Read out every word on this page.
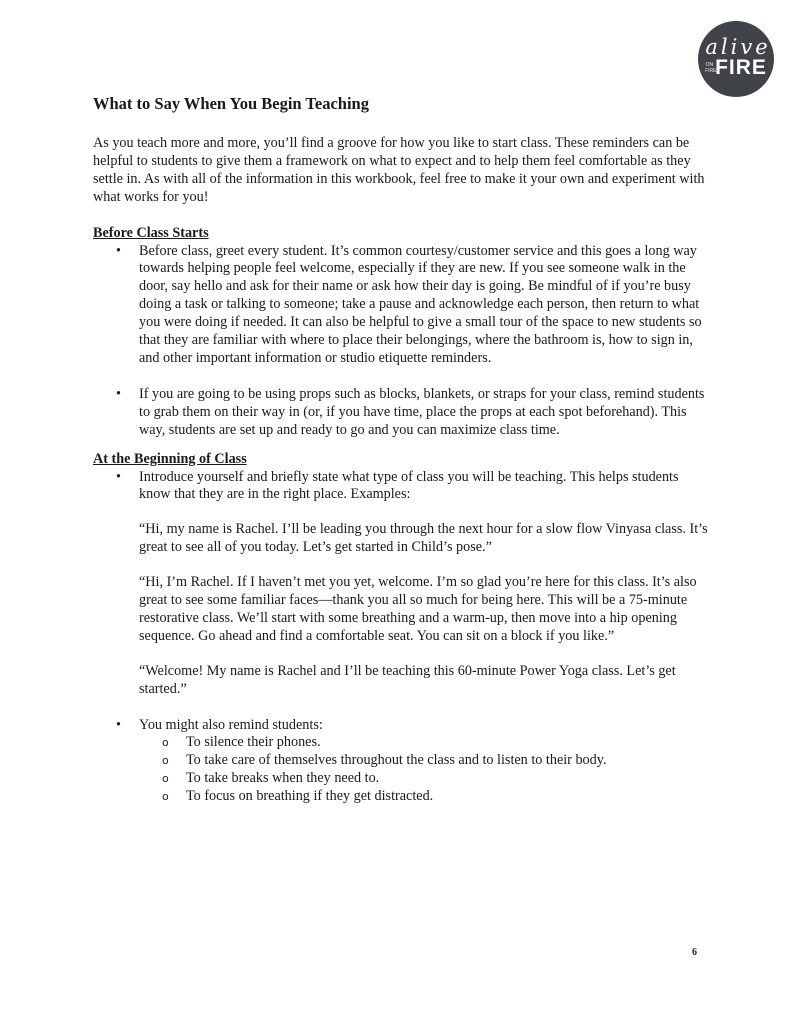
alive
ON FIRE
FIRE
What to Say When You Begin Teaching

As you teach more and more, you’ll find a groove for how you like to start class. These reminders can be helpful to students to give them a framework on what to expect and to help them feel comfortable as they settle in. As with all of the information in this workbook, feel free to make it your own and experiment with what works for you!

Before Class Starts
• Before class, greet every student. It’s common courtesy/customer service and this goes a long way towards helping people feel welcome, especially if they are new. If you see someone walk in the door, say hello and ask for their name or ask how their day is going. Be mindful of if you’re busy doing a task or talking to someone; take a pause and acknowledge each person, then return to what you were doing if needed. It can also be helpful to give a small tour of the space to new students so that they are familiar with where to place their belongings, where the bathroom is, how to sign in, and other important information or studio etiquette reminders.
• If you are going to be using props such as blocks, blankets, or straps for your class, remind students to grab them on their way in (or, if you have time, place the props at each spot beforehand). This way, students are set up and ready to go and you can maximize class time.
At the Beginning of Class
• Introduce yourself and briefly state what type of class you will be teaching. This helps students know that they are in the right place. Examples:

“Hi, my name is Rachel. I’ll be leading you through the next hour for a slow flow Vinyasa class. It’s great to see all of you today. Let’s get started in Child’s pose.”

“Hi, I’m Rachel. If I haven’t met you yet, welcome. I’m so glad you’re here for this class. It’s also great to see some familiar faces—thank you all so much for being here. This will be a 75-minute restorative class. We’ll start with some breathing and a warm-up, then move into a hip opening sequence. Go ahead and find a comfortable seat. You can sit on a block if you like.”

“Welcome! My name is Rachel and I’ll be teaching this 60-minute Power Yoga class. Let’s get started.”

• You might also remind students:
o To silence their phones.
o To take care of themselves throughout the class and to listen to their body.
o To take breaks when they need to.
o To focus on breathing if they get distracted.
6
